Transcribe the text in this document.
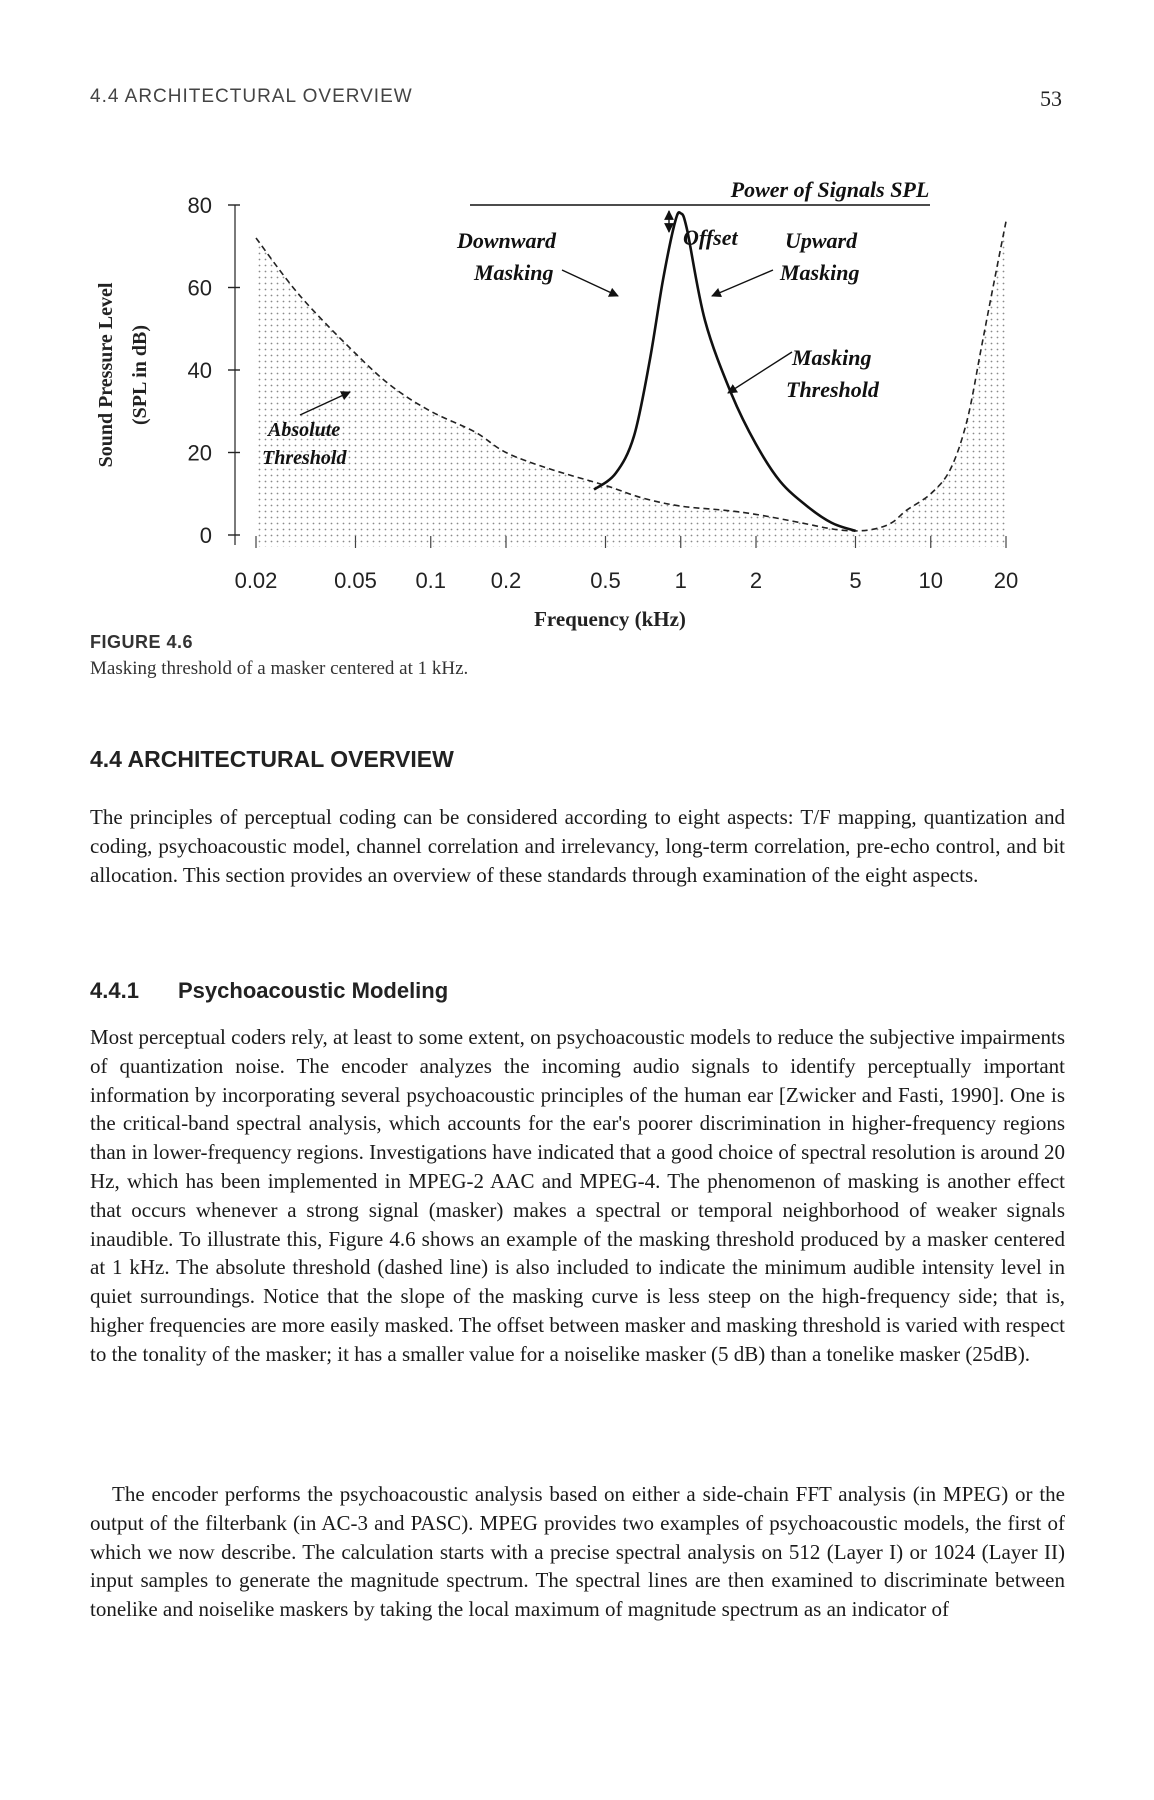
4.4 ARCHITECTURAL OVERVIEW	53
0
20
40
60
80
0.02	0.05 0.1 0.2	0.5 1	2	5	10 20
Sound Pressure Level (SPL in dB)
Frequency (kHz)
Power of Signals SPL
Offset
Downward
Masking
Upward
Masking
Masking
Threshold
Absolute
Threshold
FIGURE 4.6
Masking threshold of a masker centered at 1 kHz.
4.4 ARCHITECTURAL OVERVIEW

The principles of perceptual coding can be considered according to eight aspects: T/F mapping, quantization and coding, psychoacoustic model, channel correlation and irrelevancy, long-term correlation, pre-echo control, and bit allocation. This section provides an overview of these standards through examination of the eight aspects.

4.4.1 Psychoacoustic Modeling

Most perceptual coders rely, at least to some extent, on psychoacoustic models to reduce the subjective impairments of quantization noise. The encoder analyzes the incoming audio signals to identify perceptually important information by incorporating several psychoacoustic principles of the human ear [Zwicker and Fasti, 1990]. One is the critical-band spectral analysis, which accounts for the ear's poorer discrimination in higher-frequency regions than in lower-frequency regions. Investigations have indicated that a good choice of spectral resolution is around 20 Hz, which has been implemented in MPEG-2 AAC and MPEG-4. The phenomenon of masking is another effect that occurs whenever a strong signal (masker) makes a spectral or temporal neighborhood of weaker signals inaudible. To illustrate this, Figure 4.6 shows an example of the masking threshold produced by a masker centered at 1 kHz. The absolute threshold (dashed line) is also included to indicate the minimum audible intensity level in quiet surroundings. Notice that the slope of the masking curve is less steep on the high-frequency side; that is, higher frequencies are more easily masked. The offset between masker and masking threshold is varied with respect to the tonality of the masker; it has a smaller value for a noiselike masker (5 dB) than a tonelike masker (25dB).

The encoder performs the psychoacoustic analysis based on either a side-chain FFT analysis (in MPEG) or the output of the filterbank (in AC-3 and PASC). MPEG provides two examples of psychoacoustic models, the first of which we now describe. The calculation starts with a precise spectral analysis on 512 (Layer I) or 1024 (Layer II) input samples to generate the magnitude spectrum. The spectral lines are then examined to discriminate between tonelike and noiselike maskers by taking the local maximum of magnitude spectrum as an indicator of
